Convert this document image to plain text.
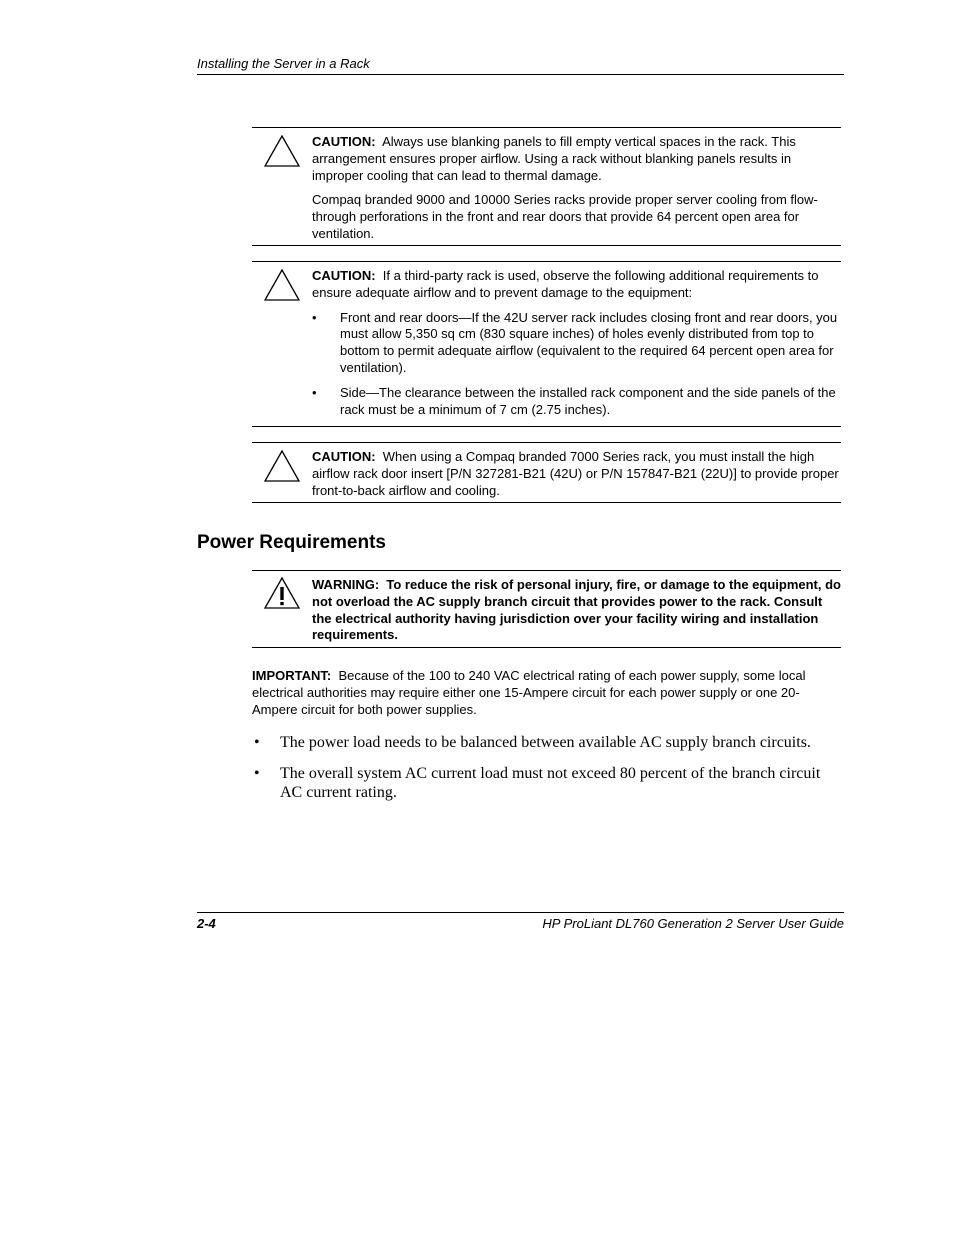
Installing the Server in a Rack

CAUTION: Always use blanking panels to fill empty vertical spaces in the rack. This arrangement ensures proper airflow. Using a rack without blanking panels results in improper cooling that can lead to thermal damage.

Compaq branded 9000 and 10000 Series racks provide proper server cooling from flow-through perforations in the front and rear doors that provide 64 percent open area for ventilation.

CAUTION: If a third-party rack is used, observe the following additional requirements to ensure adequate airflow and to prevent damage to the equipment:

• Front and rear doors—If the 42U server rack includes closing front and rear doors, you must allow 5,350 sq cm (830 square inches) of holes evenly distributed from top to bottom to permit adequate airflow (equivalent to the required 64 percent open area for ventilation).
• Side—The clearance between the installed rack component and the side panels of the rack must be a minimum of 7 cm (2.75 inches).

CAUTION: When using a Compaq branded 7000 Series rack, you must install the high airflow rack door insert [P/N 327281-B21 (42U) or P/N 157847-B21 (22U)] to provide proper front-to-back airflow and cooling.

Power Requirements

WARNING: To reduce the risk of personal injury, fire, or damage to the equipment, do not overload the AC supply branch circuit that provides power to the rack. Consult the electrical authority having jurisdiction over your facility wiring and installation requirements.

IMPORTANT: Because of the 100 to 240 VAC electrical rating of each power supply, some local electrical authorities may require either one 15-Ampere circuit for each power supply or one 20-Ampere circuit for both power supplies.

• The power load needs to be balanced between available AC supply branch circuits.
• The overall system AC current load must not exceed 80 percent of the branch circuit AC current rating.
2-4	HP ProLiant DL760 Generation 2 Server User Guide
